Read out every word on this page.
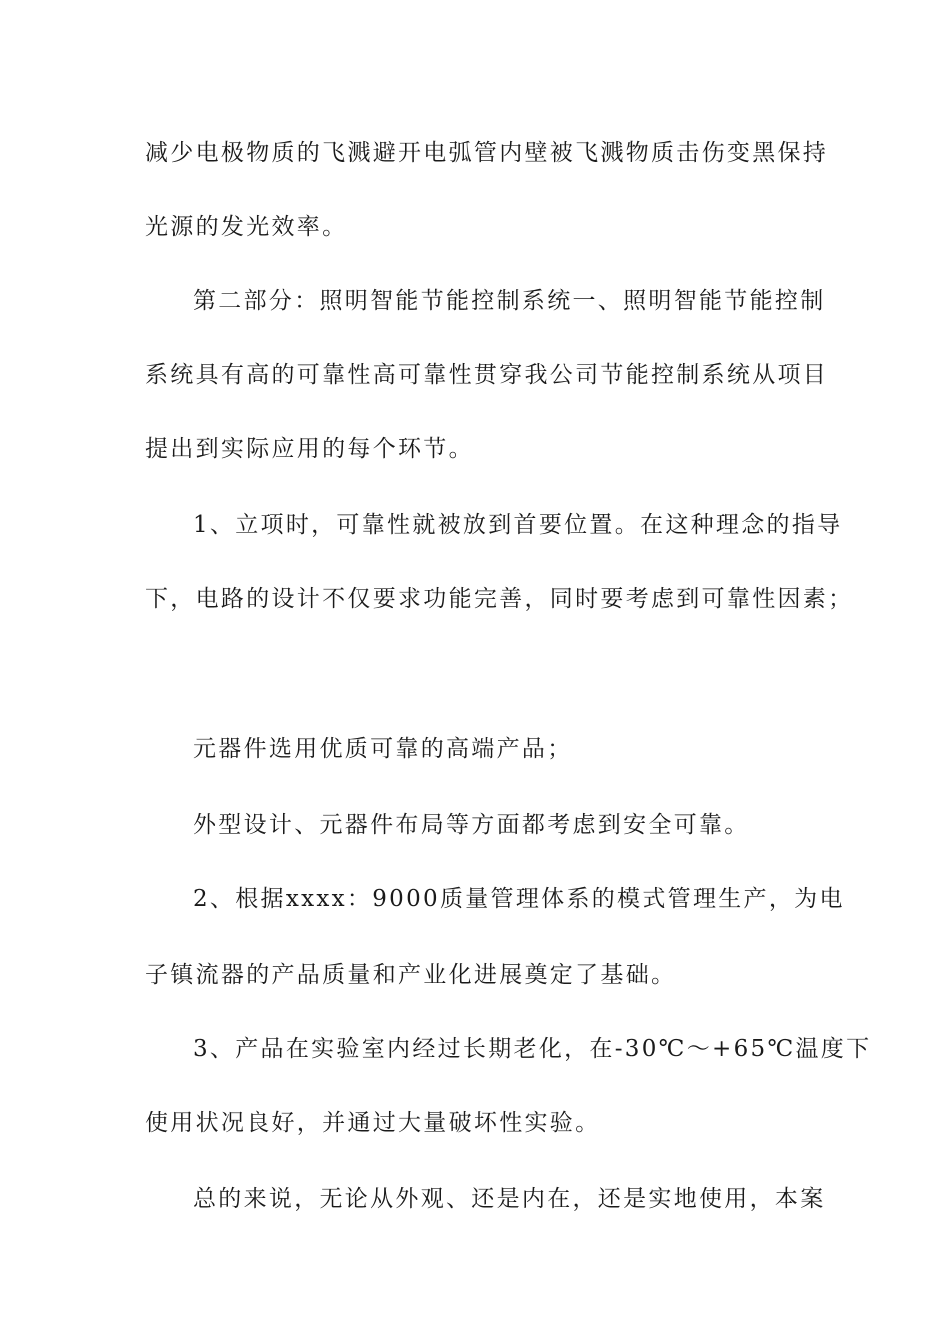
减少电极物质的飞溅避开电弧管内壁被飞溅物质击伤变黑保持
光源的发光效率。
第二部分：照明智能节能控制系统一、照明智能节能控制
系统具有高的可靠性高可靠性贯穿我公司节能控制系统从项目
提出到实际应用的每个环节。
1、立项时，可靠性就被放到首要位置。在这种理念的指导
下，电路的设计不仅要求功能完善，同时要考虑到可靠性因素；
元器件选用优质可靠的高端产品；
外型设计、元器件布局等方面都考虑到安全可靠。
2、根据xxxx：9000质量管理体系的模式管理生产，为电
子镇流器的产品质量和产业化进展奠定了基础。
3、产品在实验室内经过长期老化，在-30℃～+65℃温度下
使用状况良好，并通过大量破坏性实验。
总的来说，无论从外观、还是内在，还是实地使用，本案
